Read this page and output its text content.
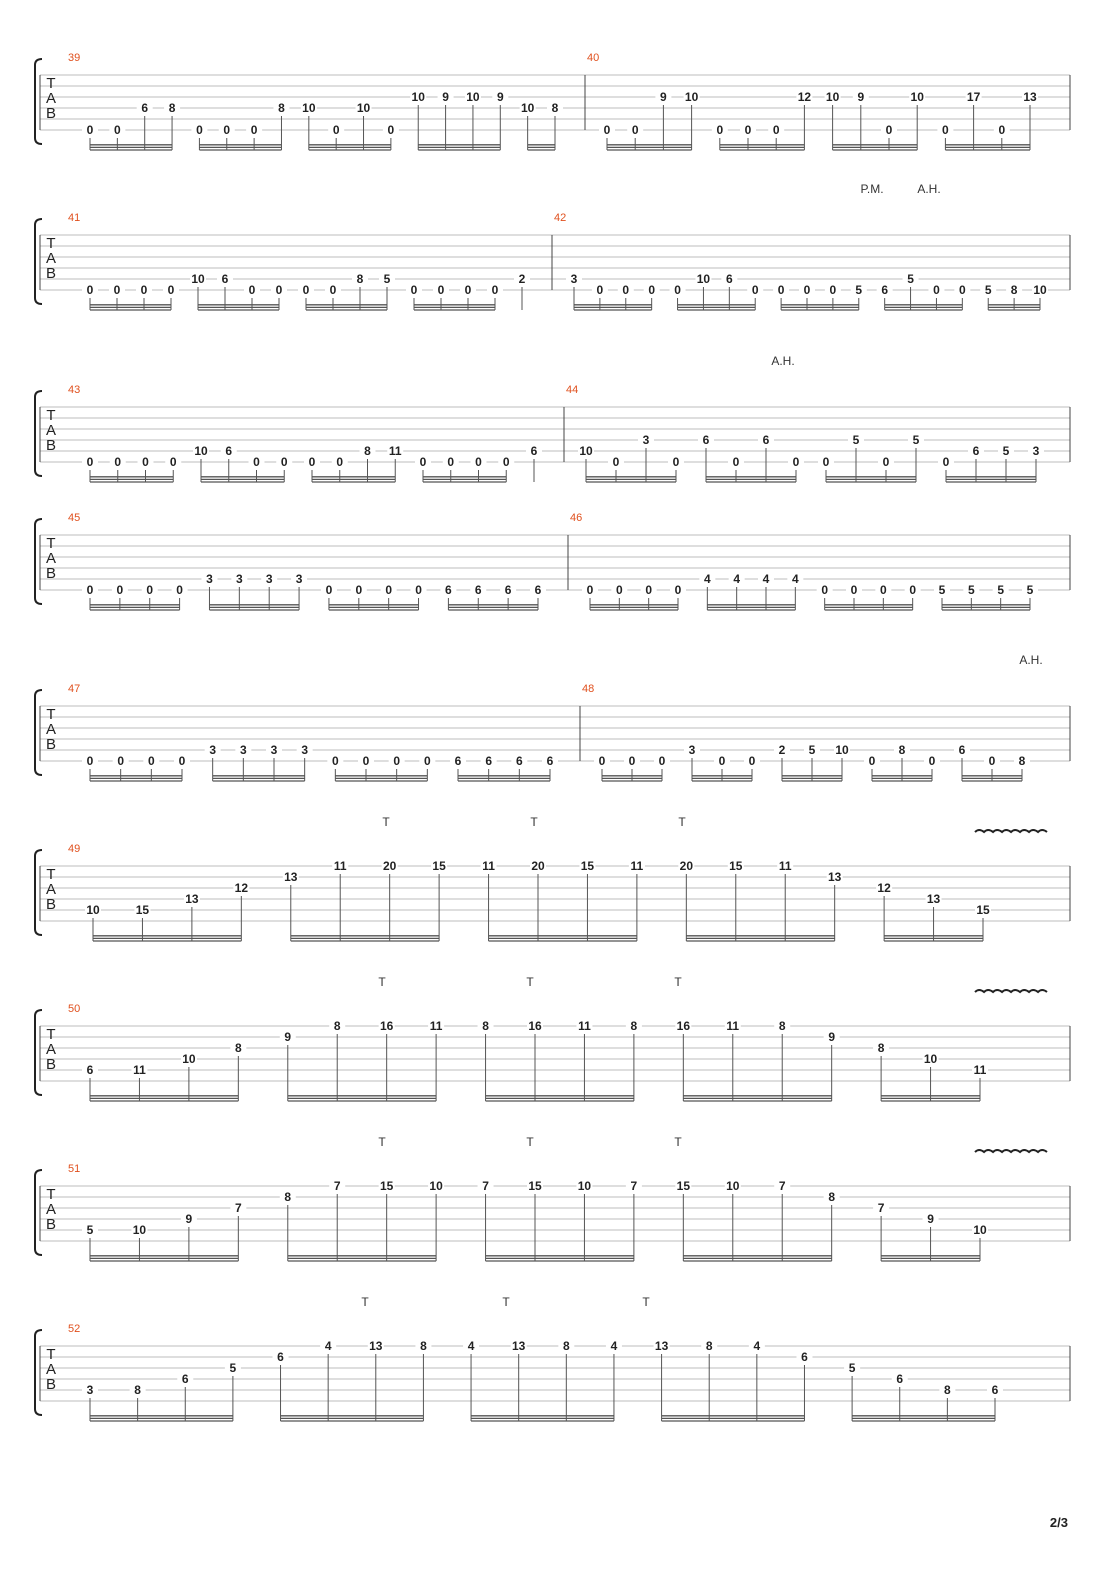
T
A
B
39
0 0
6 8
0 0 0
8 10
0
10
0
10 9 10 9
10 8
40
0 0
9 10
0 0 0
12 10 9
0
10
0
17
0
13
T
A
B
41
0 0 0 0
10 6
0 0 0 0
8 5
0 0 0 0
2
42
3
0 0 0 0
10 6
0 0 0 0 5 6
5
0 0 5 8 10
P.M.	A.H.
T
A
B
43
0 0 0 0
10 6
0 0 0 0
8 11
0 0 0 0
6
44
10
0
3
0
6
0
6
0 0
5
0
5
0
6 5 3
A.H.
T
A
B
45
0 0 0 0
3 3 3 3
0 0 0 0 6 6 6 6
46
0 0 0 0
4 4 4 4
0 0 0 0 5 5 5 5
T
A
B
47
0 0 0 0
3 3 3 3
0 0 0 0 6 6 6 6
48
0 0 0
3
0 0
2 5 10
0
8
0
6
0 8
A.H.
T
A
B
49
10	15
13
12
13
11	20	15	11	20	15	11	20	15	11
13
12
13
15
T	T	T
T
A
B
50
6	11
10
8
9
8	16	11	8	16	11	8	16	11	8
9
8
10
11
T	T	T
T
A
B
51
5	10
9
7
8
7	15	10	7	15	10	7	15	10	7
8
7
9
10
T	T	T
T
A
B
52
3	8
6
5
6
4	13	8	4	13	8	4	13	8	4
6
5
6
8	6
T	T	T
2/3
